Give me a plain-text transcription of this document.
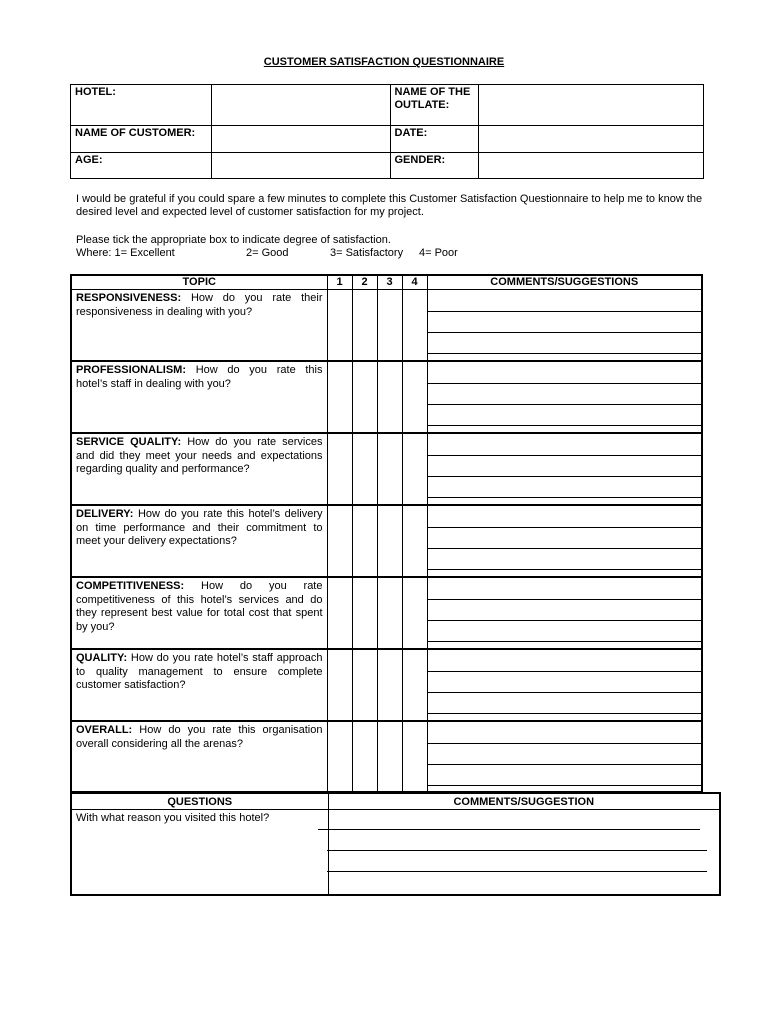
CUSTOMER SATISFACTION QUESTIONNAIRE
HOTEL:		NAME OF THE OUTLATE:	
NAME OF CUSTOMER:		DATE:	
AGE:		GENDER:	
I would be grateful if you could spare a few minutes to complete this Customer Satisfaction Questionnaire to help me to know the desired level and expected level of customer satisfaction for my project.
Please tick the appropriate box to indicate degree of satisfaction.
Where: 1= Excellent	2= Good	3= Satisfactory 4= Poor
TOPIC	1	2	3	4	COMMENTS/SUGGESTIONS
RESPONSIVENESS: How do you rate their responsiveness in dealing with you?					

PROFESSIONALISM: How do you rate this hotel’s staff in dealing with you?					

SERVICE QUALITY: How do you rate services and did they meet your needs and expectations regarding quality and performance?					

DELIVERY: How do you rate this hotel’s delivery on time performance and their commitment to meet your delivery expectations?					

COMPETITIVENESS: How do you rate competitiveness of this hotel’s services and do they represent best value for total cost that spent by you?					

QUALITY: How do you rate hotel’s staff approach to quality management to ensure complete customer satisfaction?					

OVERALL: How do you rate this organisation overall considering all the arenas?					
QUESTIONS	COMMENTS/SUGGESTION
With what reason you visited this hotel?	
